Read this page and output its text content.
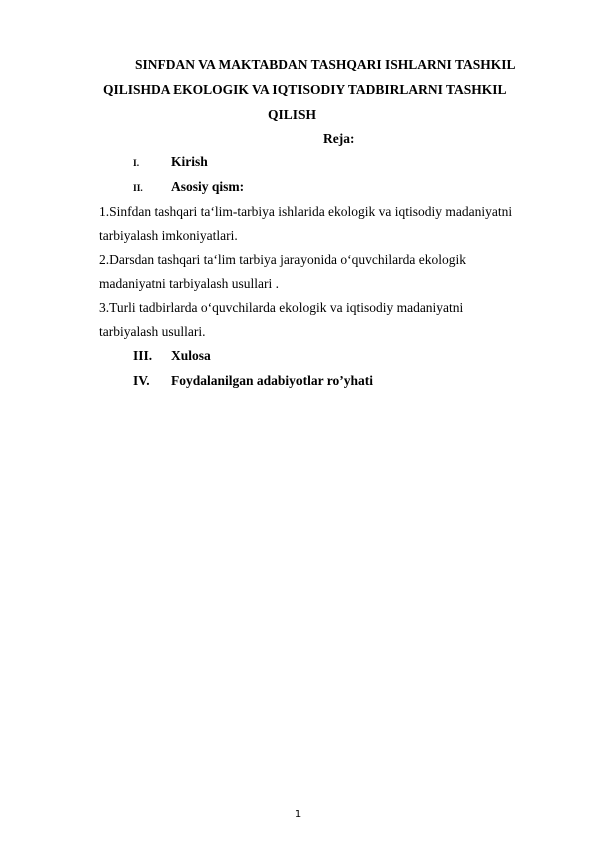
SINFDAN VA MAKTABDAN TASHQARI ISHLARNI TASHKIL
QILISHDA EKOLOGIK VA IQTISODIY TADBIRLARNI TASHKIL
QILISH
Reja:
I. Kirish
II. Asosiy qism:
1.Sinfdan tashqari ta‘lim-tarbiya ishlarida ekologik va iqtisodiy madaniyatni
tarbiyalash imkoniyatlari.
2.Darsdan tashqari ta‘lim tarbiya jarayonida o‘quvchilarda ekologik
madaniyatni tarbiyalash usullari .
3.Turli tadbirlarda o‘quvchilarda ekologik va iqtisodiy madaniyatni
tarbiyalash usullari.
III. Xulosa
IV. Foydalanilgan adabiyotlar ro’yhati
1
